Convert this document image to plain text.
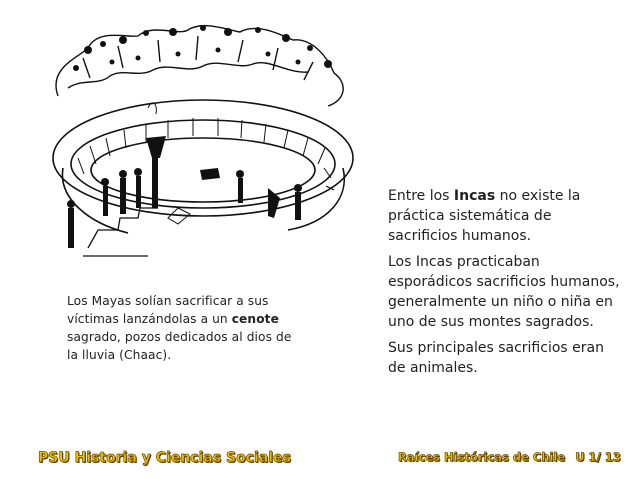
Los Mayas solían sacrificar a sus víctimas lanzándolas a un cenote sagrado, pozos dedicados al dios de la lluvia (Chaac).

Entre los Incas no existe la práctica sistemática de sacrificios humanos.

Los Incas practicaban esporádicos sacrificios humanos, generalmente un niño o niña en uno de sus montes sagrados.

Sus principales sacrificios eran de animales.

PSU Historia y Ciencias Sociales	Raíces Históricas de Chile U 1/ 13
